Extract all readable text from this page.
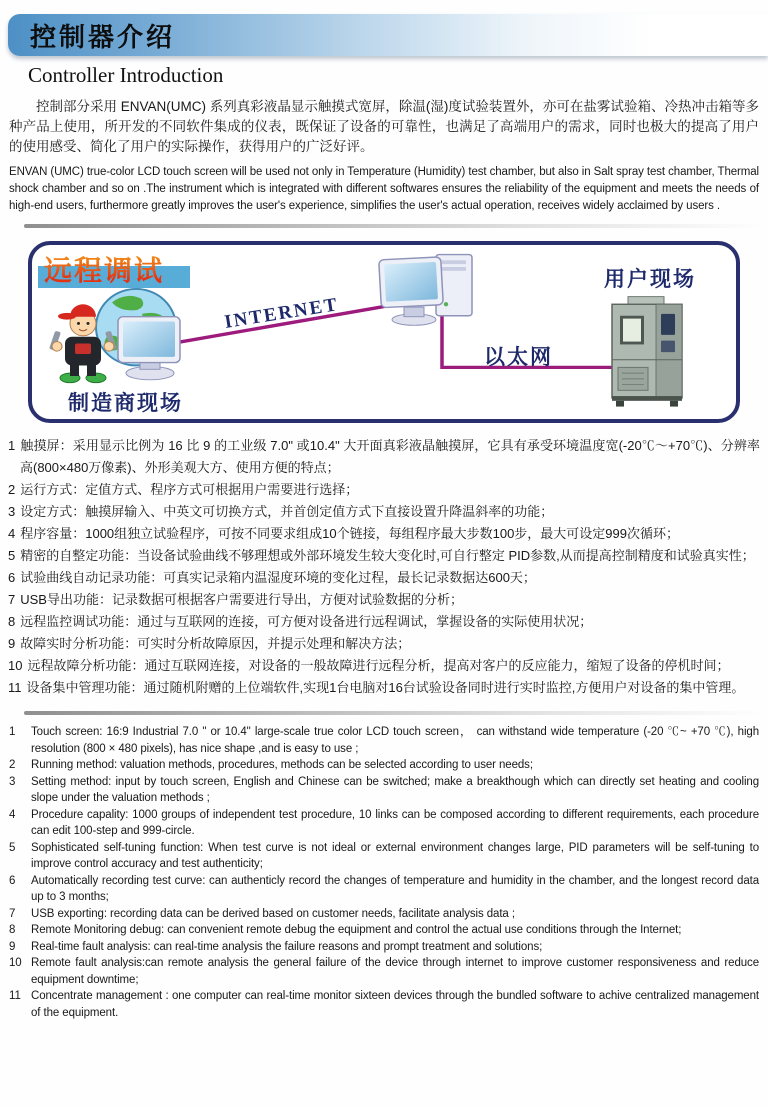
控制器介绍
Controller Introduction

控制部分采用 ENVAN(UMC) 系列真彩液晶显示触摸式宽屏，除温(湿)度试验装置外，亦可在盐雾试验箱、冷热冲击箱等多种产品上使用，所开发的不同软件集成的仪表，既保证了设备的可靠性，也满足了高端用户的需求，同时也极大的提高了用户的使用感受、简化了用户的实际操作，获得用户的广泛好评。

ENVAN (UMC) true-color LCD touch screen will be used not only in Temperature (Humidity) test chamber, but also in Salt spray test chamber, Thermal shock chamber and so on .The instrument which is integrated with different softwares ensures the reliability of the equipment and meets the needs of high-end users, furthermore greatly improves the user's experience, simplifies the user's actual operation, receives widely acclaimed by users .

远程调试
制造商现场
INTERNET
以太网
用户现场
1 触摸屏：采用显示比例为 16 比 9 的工业级 7.0" 或10.4" 大开面真彩液晶触摸屏，它具有承受环境温度宽(-20℃～+70℃)、分辨率高(800×480万像素)、外形美观大方、使用方便的特点；
2 运行方式：定值方式、程序方式可根据用户需要进行选择；
3 设定方式：触摸屏输入、中英文可切换方式，并首创定值方式下直接设置升降温斜率的功能；
4 程序容量：1000组独立试验程序，可按不同要求组成10个链接，每组程序最大步数100步，最大可设定999次循环；
5 精密的自整定功能：当设备试验曲线不够理想或外部环境发生较大变化时,可自行整定 PID参数,从而提高控制精度和试验真实性；
6 试验曲线自动记录功能：可真实记录箱内温湿度环境的变化过程，最长记录数据达600天；
7 USB导出功能：记录数据可根据客户需要进行导出，方便对试验数据的分析；
8 远程监控调试功能：通过与互联网的连接，可方便对设备进行远程调试，掌握设备的实际使用状况；
9 故障实时分析功能：可实时分析故障原因，并提示处理和解决方法；
10 远程故障分析功能：通过互联网连接，对设备的一般故障进行远程分析，提高对客户的反应能力，缩短了设备的停机时间；
11 设备集中管理功能：通过随机附赠的上位端软件,实现1台电脑对16台试验设备同时进行实时监控,方便用户对设备的集中管理。
1	Touch screen: 16:9 Industrial 7.0 " or 10.4" large-scale true color LCD touch screen， can withstand wide temperature (-20 ℃~ +70 ℃), high resolution (800 × 480 pixels), has nice shape ,and is easy to use ;
2	Running method: valuation methods, procedures, methods can be selected according to user needs;
3	Setting method: input by touch screen, English and Chinese can be switched; make a breakthough which can directly set heating and cooling slope under the valuation methods ;
4	Procedure capality: 1000 groups of independent test procedure, 10 links can be composed according to different requirements, each procedure can edit 100-step and 999-circle.
5	Sophisticated self-tuning function: When test curve is not ideal or external environment changes large, PID parameters will be self-tuning to improve control accuracy and test authenticity;
6	Automatically recording test curve: can authenticly record the changes of temperature and humidity in the chamber, and the longest record data up to 3 months;
7	USB exporting: recording data can be derived based on customer needs, facilitate analysis data ;
8	Remote Monitoring debug: can convenient remote debug the equipment and control the actual use conditions through the Internet;
9	Real-time fault analysis: can real-time analysis the failure reasons and prompt treatment and solutions;
10 Remote fault analysis:can remote analysis the general failure of the device through internet to improve customer responsiveness and reduce equipment downtime;
11 Concentrate management : one computer can real-time monitor sixteen devices through the bundled software to achive centralized management of the equipment.
